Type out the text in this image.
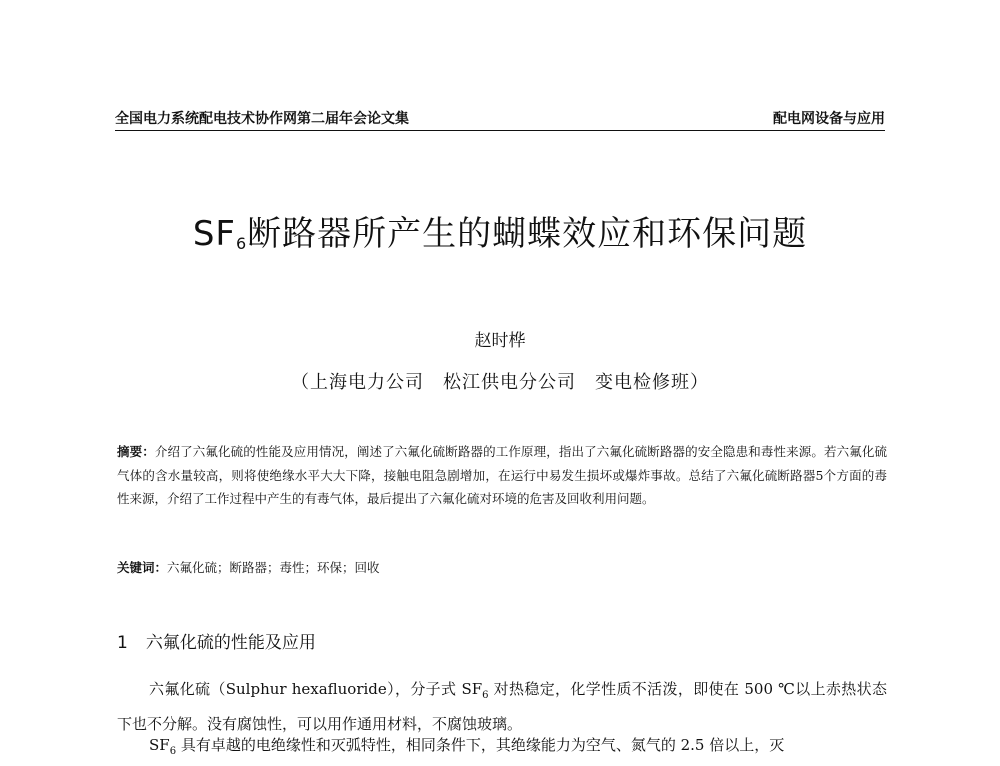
全国电力系统配电技术协作网第二届年会论文集	配电网设备与应用
$SF_6$断路器所产生的蝴蝶效应和环保问题
赵时桦
（上海电力公司　松江供电分公司　变电检修班）
摘要：介绍了六氟化硫的性能及应用情况，阐述了六氟化硫断路器的工作原理，指出了六氟化硫断路器的安全隐患和毒性来源。若六氟化硫气体的含水量较高，则将使绝缘水平大大下降，接触电阻急剧增加，在运行中易发生损坏或爆炸事故。总结了六氟化硫断路器5个方面的毒性来源，介绍了工作过程中产生的有毒气体，最后提出了六氟化硫对环境的危害及回收利用问题。
关键词：六氟化硫；断路器；毒性；环保；回收
1 六氟化硫的性能及应用
六氟化硫（Sulphur hexafluoride），分子式 $SF_6$ 对热稳定，化学性质不活泼，即使在 500 ℃以上赤热状态下也不分解。没有腐蚀性，可以用作通用材料，不腐蚀玻璃。
$SF_6$ 具有卓越的电绝缘性和灭弧特性，相同条件下，其绝缘能力为空气、氮气的 2.5 倍以上，灭
